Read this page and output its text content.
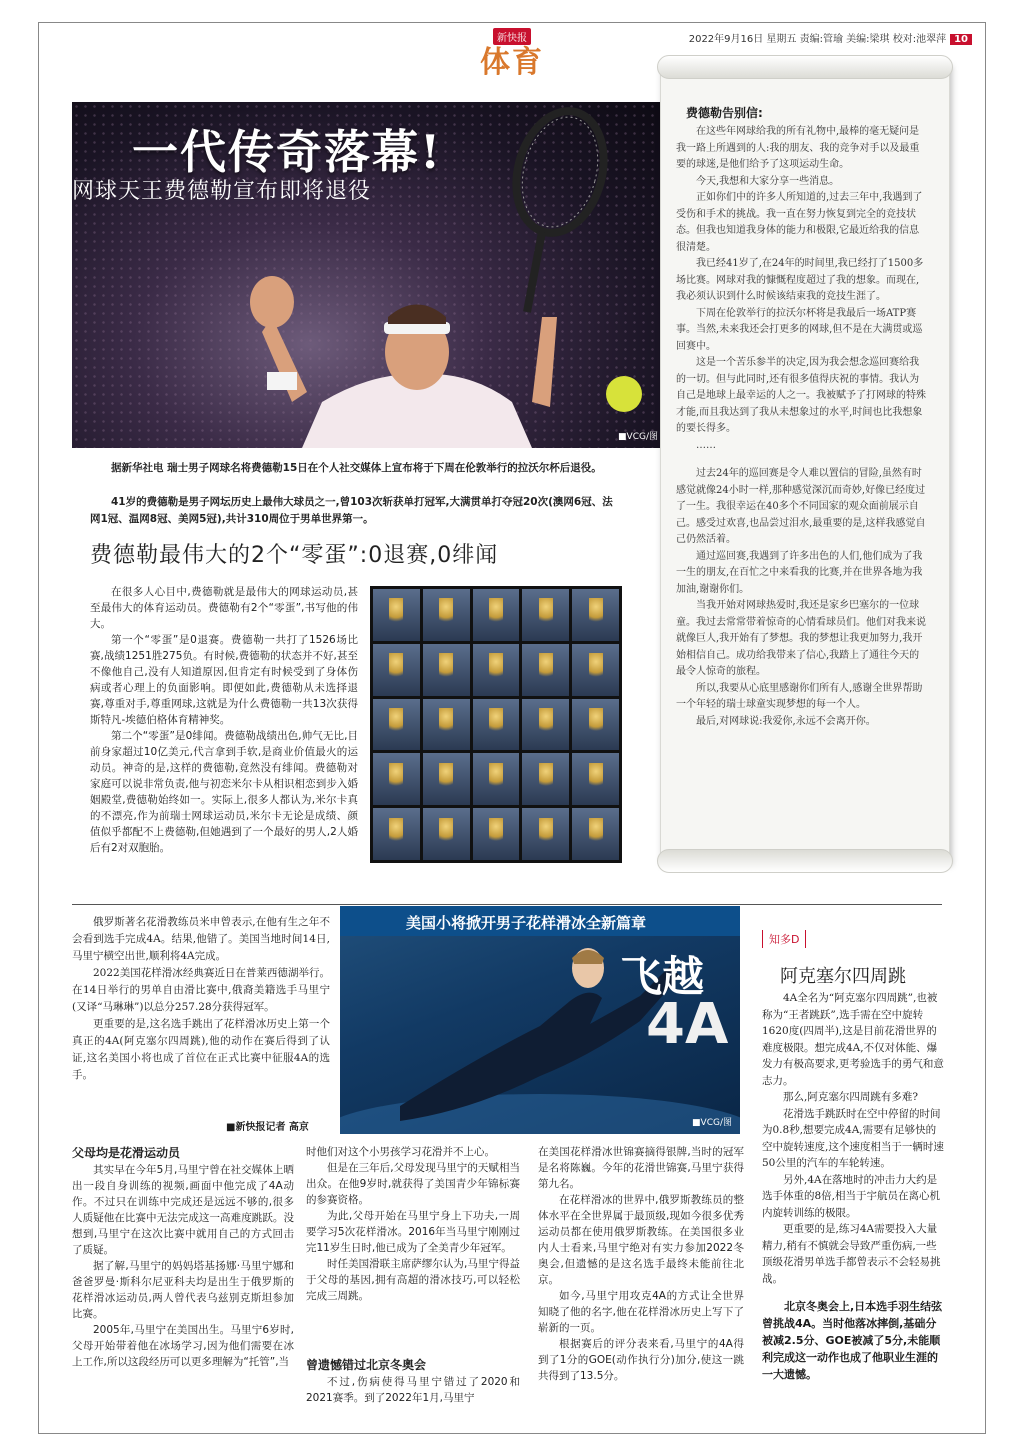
新快报
体育
2022年9月16日 星期五 责编:管瑜 美编:梁琪 校对:池翠萍 10
一代传奇落幕!
网球天王费德勒宣布即将退役
■VCG/图
据新华社电 瑞士男子网球名将费德勒15日在个人社交媒体上宣布将于下周在伦敦举行的拉沃尔杯后退役。
41岁的费德勒是男子网坛历史上最伟大球员之一,曾103次斩获单打冠军,大满贯单打夺冠20次(澳网6冠、法网1冠、温网8冠、美网5冠),共计310周位于男单世界第一。
费德勒最伟大的2个“零蛋”:0退赛,0绯闻

在很多人心目中,费德勒就是最伟大的网球运动员,甚至最伟大的体育运动员。费德勒有2个“零蛋”,书写他的伟大。

第一个“零蛋”是0退赛。费德勒一共打了1526场比赛,战绩1251胜275负。有时候,费德勒的状态并不好,甚至不像他自己,没有人知道原因,但肯定有时候受到了身体伤病或者心理上的负面影响。即便如此,费德勒从未选择退赛,尊重对手,尊重网球,这就是为什么费德勒一共13次获得斯特凡-埃德伯格体育精神奖。

第二个“零蛋”是0绯闻。费德勒战绩出色,帅气无比,目前身家超过10亿美元,代言拿到手软,是商业价值最火的运动员。神奇的是,这样的费德勒,竟然没有绯闻。费德勒对家庭可以说非常负责,他与初恋米尔卡从相识相恋到步入婚姻殿堂,费德勒始终如一。实际上,很多人都认为,米尔卡真的不漂亮,作为前瑞士网球运动员,米尔卡无论是成绩、颜值似乎都配不上费德勒,但她遇到了一个最好的男人,2人婚后有2对双胞胎。

费德勒告别信:

在这些年网球给我的所有礼物中,最棒的毫无疑问是我一路上所遇到的人:我的朋友、我的竞争对手以及最重要的球迷,是他们给予了这项运动生命。

今天,我想和大家分享一些消息。

正如你们中的许多人所知道的,过去三年中,我遇到了受伤和手术的挑战。我一直在努力恢复到完全的竞技状态。但我也知道我身体的能力和极限,它最近给我的信息很清楚。

我已经41岁了,在24年的时间里,我已经打了1500多场比赛。网球对我的慷慨程度超过了我的想象。而现在,我必须认识到什么时候该结束我的竞技生涯了。

下周在伦敦举行的拉沃尔杯将是我最后一场ATP赛事。当然,未来我还会打更多的网球,但不是在大满贯或巡回赛中。

这是一个苦乐参半的决定,因为我会想念巡回赛给我的一切。但与此同时,还有很多值得庆祝的事情。我认为自己是地球上最幸运的人之一。我被赋予了打网球的特殊才能,而且我达到了我从未想象过的水平,时间也比我想象的要长得多。

……

过去24年的巡回赛是令人难以置信的冒险,虽然有时感觉就像24小时一样,那种感觉深沉而奇妙,好像已经度过了一生。我很幸运在40多个不同国家的观众面前展示自己。感受过欢喜,也品尝过泪水,最重要的是,这样我感觉自己仍然活着。

通过巡回赛,我遇到了许多出色的人们,他们成为了我一生的朋友,在百忙之中来看我的比赛,并在世界各地为我加油,谢谢你们。

当我开始对网球热爱时,我还是家乡巴塞尔的一位球童。我过去常常带着惊奇的心情看球员们。他们对我来说就像巨人,我开始有了梦想。我的梦想让我更加努力,我开始相信自己。成功给我带来了信心,我踏上了通往今天的最令人惊奇的旅程。

所以,我要从心底里感谢你们所有人,感谢全世界帮助一个年轻的瑞士球童实现梦想的每一个人。

最后,对网球说:我爱你,永远不会离开你。

俄罗斯著名花滑教练员米申曾表示,在他有生之年不会看到选手完成4A。结果,他错了。美国当地时间14日,马里宁横空出世,顺利将4A完成。

2022美国花样滑冰经典赛近日在普莱西德湖举行。在14日举行的男单自由滑比赛中,俄裔美籍选手马里宁(又译“马琳琳”)以总分257.28分获得冠军。

更重要的是,这名选手跳出了花样滑冰历史上第一个真正的4A(阿克塞尔四周跳),他的动作在赛后得到了认证,这名美国小将也成了首位在正式比赛中征服4A的选手。

■新快报记者 高京
美国小将掀开男子花样滑冰全新篇章
飞越
4A
■VCG/图
父母均是花滑运动员

其实早在今年5月,马里宁曾在社交媒体上晒出一段自身训练的视频,画面中他完成了4A动作。不过只在训练中完成还是远远不够的,很多人质疑他在比赛中无法完成这一高难度跳跃。没想到,马里宁在这次比赛中就用自己的方式回击了质疑。

据了解,马里宁的妈妈塔基扬娜·马里宁娜和爸爸罗曼·斯科尔尼亚科夫均是出生于俄罗斯的花样滑冰运动员,两人曾代表乌兹别克斯坦参加比赛。

2005年,马里宁在美国出生。马里宁6岁时,父母开始带着他在冰场学习,因为他们需要在冰上工作,所以这段经历可以更多理解为“托管”,当

时他们对这个小男孩学习花滑并不上心。

但是在三年后,父母发现马里宁的天赋相当出众。在他9岁时,就获得了美国青少年锦标赛的参赛资格。

为此,父母开始在马里宁身上下功夫,一周要学习5次花样滑冰。2016年当马里宁刚刚过完11岁生日时,他已成为了全美青少年冠军。

时任美国滑联主席萨缪尔认为,马里宁得益于父母的基因,拥有高超的滑冰技巧,可以轻松完成三周跳。

曾遗憾错过北京冬奥会

不过,伤病使得马里宁错过了2020和2021赛季。到了2022年1月,马里宁

在美国花样滑冰世锦赛摘得银牌,当时的冠军是名将陈巍。今年的花滑世锦赛,马里宁获得第九名。

在花样滑冰的世界中,俄罗斯教练员的整体水平在全世界属于最顶级,现如今很多优秀运动员都在使用俄罗斯教练。在美国很多业内人士看来,马里宁绝对有实力参加2022冬奥会,但遗憾的是这名选手最终未能前往北京。

如今,马里宁用攻克4A的方式让全世界知晓了他的名字,他在花样滑冰历史上写下了崭新的一页。

根据赛后的评分表来看,马里宁的4A得到了1分的GOE(动作执行分)加分,使这一跳共得到了13.5分。

知多D
阿克塞尔四周跳

4A全名为“阿克塞尔四周跳”,也被称为“王者跳跃”,选手需在空中旋转1620度(四周半),这是目前花滑世界的难度极限。想完成4A,不仅对体能、爆发力有极高要求,更考验选手的勇气和意志力。

那么,阿克塞尔四周跳有多难?

花滑选手跳跃时在空中停留的时间为0.8秒,想要完成4A,需要有足够快的空中旋转速度,这个速度相当于一辆时速50公里的汽车的车轮转速。

另外,4A在落地时的冲击力大约是选手体重的8倍,相当于宇航员在离心机内旋转训练的极限。

更重要的是,练习4A需要投入大量精力,稍有不慎就会导致严重伤病,一些顶级花滑男单选手都曾表示不会轻易挑战。

北京冬奥会上,日本选手羽生结弦曾挑战4A。当时他落冰摔倒,基础分被减2.5分、GOE被减了5分,未能顺利完成这一动作也成了他职业生涯的一大遗憾。
